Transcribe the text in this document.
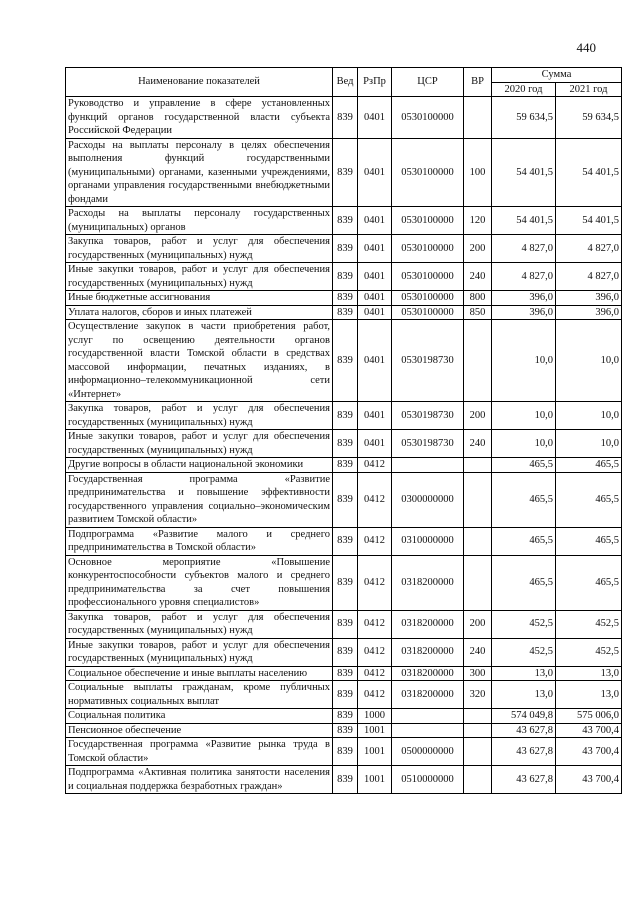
440
Наименование показателей	Вед	РзПр	ЦСР	ВР	Сумма	
					2020 год	2021 год
Руководство и управление в сфере установленных функций органов государственной власти субъекта Российской Федерации	839	0401	0530100000		59 634,5	59 634,5
Расходы на выплаты персоналу в целях обеспечения выполнения функций государственными (муниципальными) органами, казенными учреждениями, органами управления государственными внебюджетными фондами	839	0401	0530100000	100	54 401,5	54 401,5
Расходы на выплаты персоналу государственных (муниципальных) органов	839	0401	0530100000	120	54 401,5	54 401,5
Закупка товаров, работ и услуг для обеспечения государственных (муниципальных) нужд	839	0401	0530100000	200	4 827,0	4 827,0
Иные закупки товаров, работ и услуг для обеспечения государственных (муниципальных) нужд	839	0401	0530100000	240	4 827,0	4 827,0
Иные бюджетные ассигнования	839	0401	0530100000	800	396,0	396,0
Уплата налогов, сборов и иных платежей	839	0401	0530100000	850	396,0	396,0
Осуществление закупок в части приобретения работ, услуг по освещению деятельности органов государственной власти Томской области в средствах массовой информации, печатных изданиях, в информационно–телекоммуникационной сети «Интернет»	839	0401	0530198730		10,0	10,0
Закупка товаров, работ и услуг для обеспечения государственных (муниципальных) нужд	839	0401	0530198730	200	10,0	10,0
Иные закупки товаров, работ и услуг для обеспечения государственных (муниципальных) нужд	839	0401	0530198730	240	10,0	10,0
Другие вопросы в области национальной экономики	839	0412			465,5	465,5
Государственная программа «Развитие предпринимательства и повышение эффективности государственного управления социально–экономическим развитием Томской области»	839	0412	0300000000		465,5	465,5
Подпрограмма «Развитие малого и среднего предпринимательства в Томской области»	839	0412	0310000000		465,5	465,5
Основное мероприятие «Повышение конкурентоспособности субъектов малого и среднего предпринимательства за счет повышения профессионального уровня специалистов»	839	0412	0318200000		465,5	465,5
Закупка товаров, работ и услуг для обеспечения государственных (муниципальных) нужд	839	0412	0318200000	200	452,5	452,5
Иные закупки товаров, работ и услуг для обеспечения государственных (муниципальных) нужд	839	0412	0318200000	240	452,5	452,5
Социальное обеспечение и иные выплаты населению	839	0412	0318200000	300	13,0	13,0
Социальные выплаты гражданам, кроме публичных нормативных социальных выплат	839	0412	0318200000	320	13,0	13,0
Социальная политика	839	1000			574 049,8	575 006,0
Пенсионное обеспечение	839	1001			43 627,8	43 700,4
Государственная программа «Развитие рынка труда в Томской области»	839	1001	0500000000		43 627,8	43 700,4
Подпрограмма «Активная политика занятости населения и социальная поддержка безработных граждан»	839	1001	0510000000		43 627,8	43 700,4
